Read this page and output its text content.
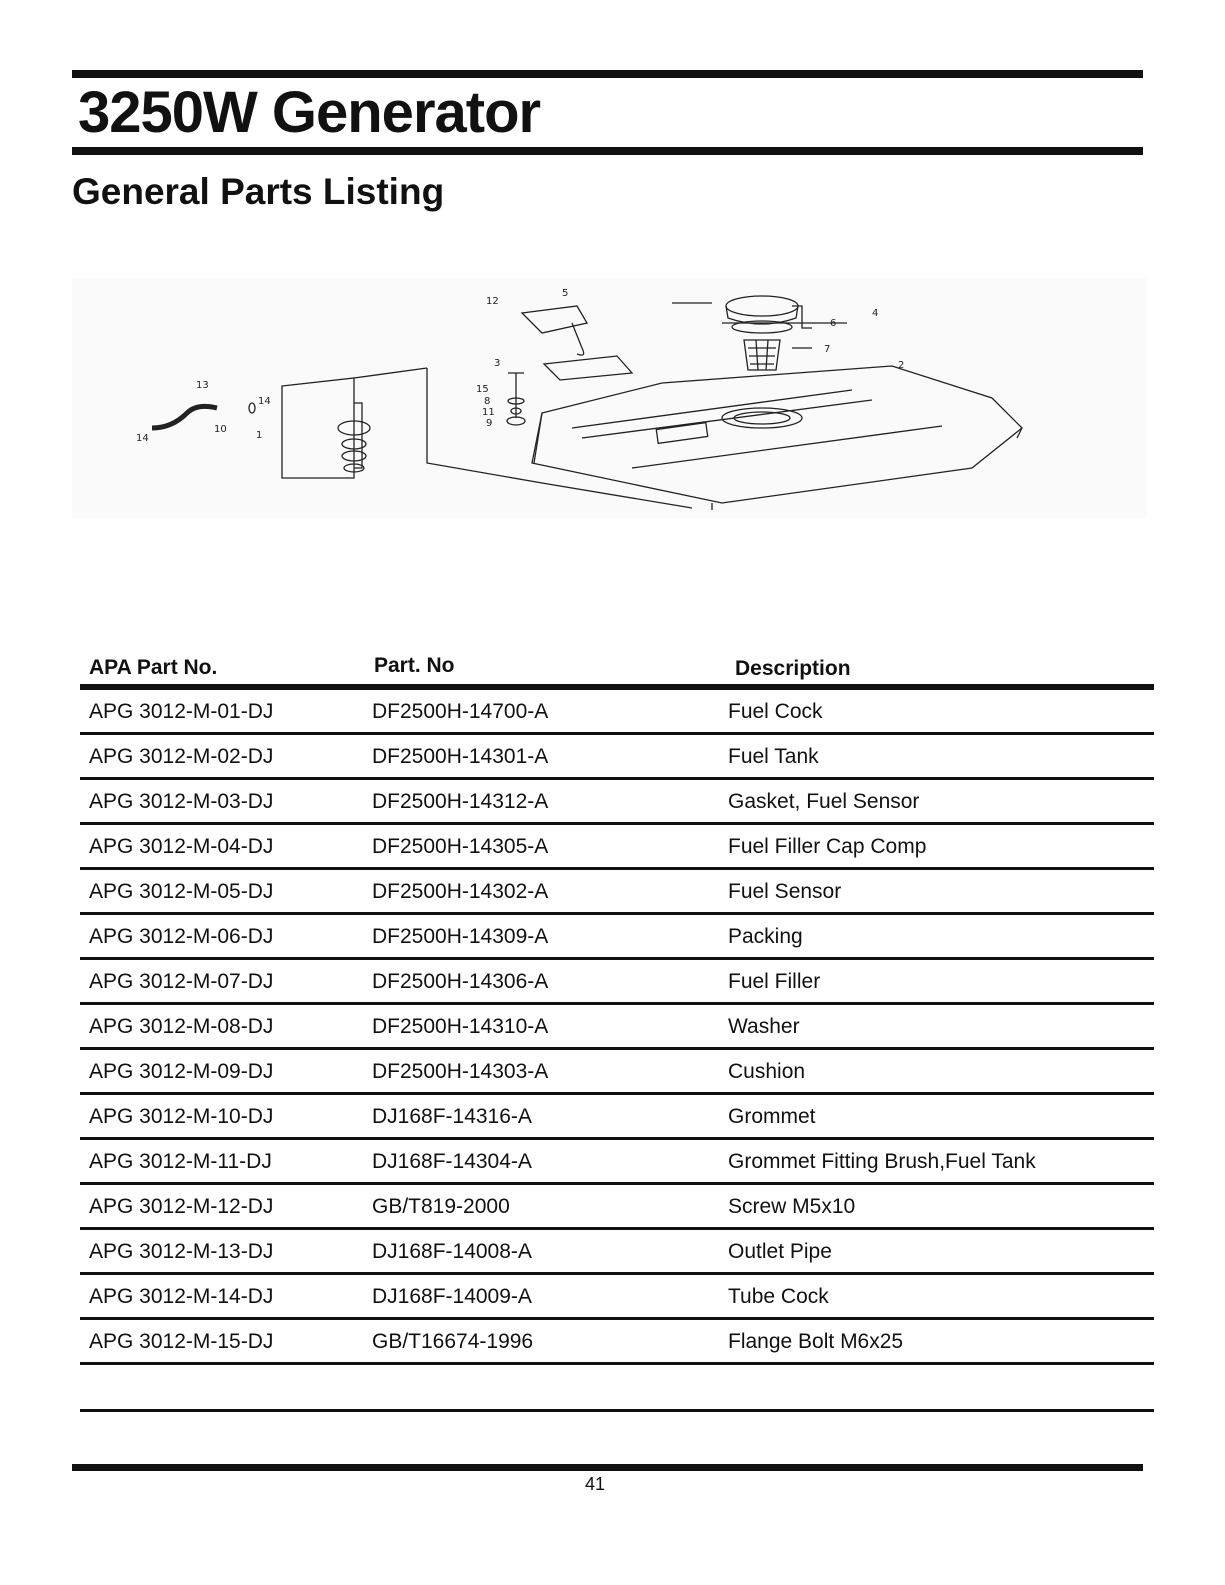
3250W Generator
General Parts Listing
12
5
3
15
8
11
9
13
14
10
14	1
4
6
7
2
APA Part No.	Part. No	Description
APG 3012-M-01-DJ	DF2500H-14700-A	Fuel Cock
APG 3012-M-02-DJ	DF2500H-14301-A	Fuel Tank
APG 3012-M-03-DJ	DF2500H-14312-A	Gasket, Fuel Sensor
APG 3012-M-04-DJ	DF2500H-14305-A	Fuel Filler Cap Comp
APG 3012-M-05-DJ	DF2500H-14302-A	Fuel Sensor
APG 3012-M-06-DJ	DF2500H-14309-A	Packing
APG 3012-M-07-DJ	DF2500H-14306-A	Fuel Filler
APG 3012-M-08-DJ	DF2500H-14310-A	Washer
APG 3012-M-09-DJ	DF2500H-14303-A	Cushion
APG 3012-M-10-DJ	DJ168F-14316-A	Grommet
APG 3012-M-11-DJ	DJ168F-14304-A	Grommet Fitting Brush,Fuel Tank
APG 3012-M-12-DJ	GB/T819-2000	Screw M5x10
APG 3012-M-13-DJ	DJ168F-14008-A	Outlet Pipe
APG 3012-M-14-DJ	DJ168F-14009-A	Tube Cock
APG 3012-M-15-DJ	GB/T16674-1996	Flange Bolt M6x25
41
